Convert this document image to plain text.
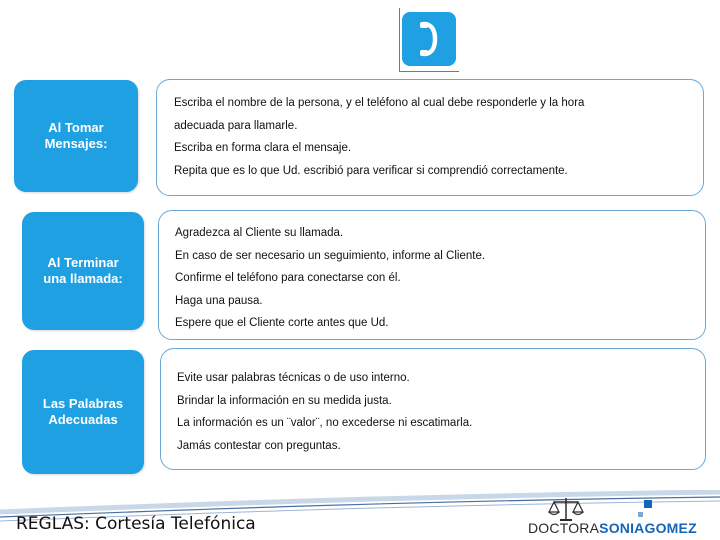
Al Tomar
Mensajes:
Escriba el nombre de la persona, y el teléfono al cual debe responderle y la hora
adecuada para llamarle.
Escriba en forma clara el mensaje.
Repita que es lo que Ud. escribió para verificar si comprendió correctamente.
Al Terminar
una llamada:
Agradezca al Cliente su llamada.
En caso de ser necesario un seguimiento, informe al Cliente.
Confirme el teléfono para conectarse con él.
Haga una pausa.
Espere que el Cliente corte antes que Ud.
Las Palabras
Adecuadas
Evite usar palabras técnicas o de uso interno.
Brindar la información en su medida justa.
La información es un ¨valor¨, no excederse ni escatimarla.
Jamás contestar con preguntas.
REGLAS: Cortesía Telefónica	DOCTORASONIAGOMEZ
